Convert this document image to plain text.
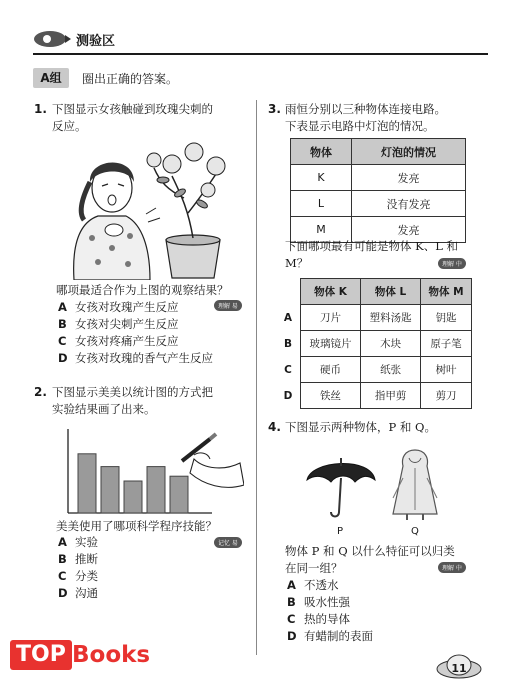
测验区
A组	圈出正确的答案。
1. 下图显示女孩触碰到玫瑰尖刺的
反应。
哪项最适合作为上图的观察结果？
理解 易
A 女孩对玫瑰产生反应
B 女孩对尖刺产生反应
C 女孩对疼痛产生反应
D 女孩对玫瑰的香气产生反应
2. 下图显示美美以统计图的方式把
实验结果画了出来。
美美使用了哪项科学程序技能？
记忆 易
A 实验
B 推断
C 分类
D 沟通
3. 雨恒分别以三种物体连接电路。
下表显示电路中灯泡的情况。
物体	灯泡的情况
K	发亮
L	没有发亮
M	发亮
下面哪项最有可能是物体 K、L 和
M？	理解 中
	物体 K	物体 L	物体 M
A	刀片	塑料汤匙	钥匙
B	玻璃镜片	木块	原子笔
C	硬币	纸张	树叶
D	铁丝	指甲剪	剪刀
4. 下图显示两种物体，P 和 Q。
P	Q
物体 P 和 Q 以什么特征可以归类
在同一组？	理解 中
A 不透水
B 吸水性强
C 热的导体
D 有蜡制的表面
TOP Books
11
